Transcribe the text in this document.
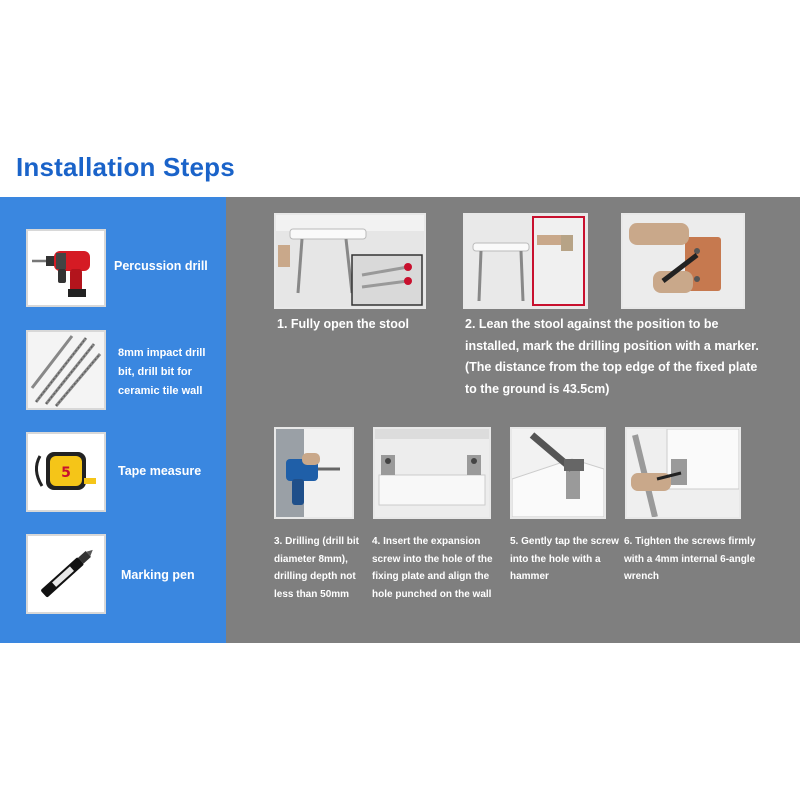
Installation Steps
Percussion drill
8mm impact drill bit, drill bit for ceramic tile wall
5	Tape measure
Marking pen
1. Fully open the stool	2. Lean the stool against the position to be installed, mark the drilling position with a marker. (The distance from the top edge of the fixed plate to the ground is 43.5cm)
3. Drilling (drill bit diameter 8mm), drilling depth not less than 50mm
4. Insert the expansion screw into the hole of the fixing plate and align the hole punched on the wall
5. Gently tap the screw into the hole with a hammer
6. Tighten the screws firmly with a 4mm internal 6-angle wrench
